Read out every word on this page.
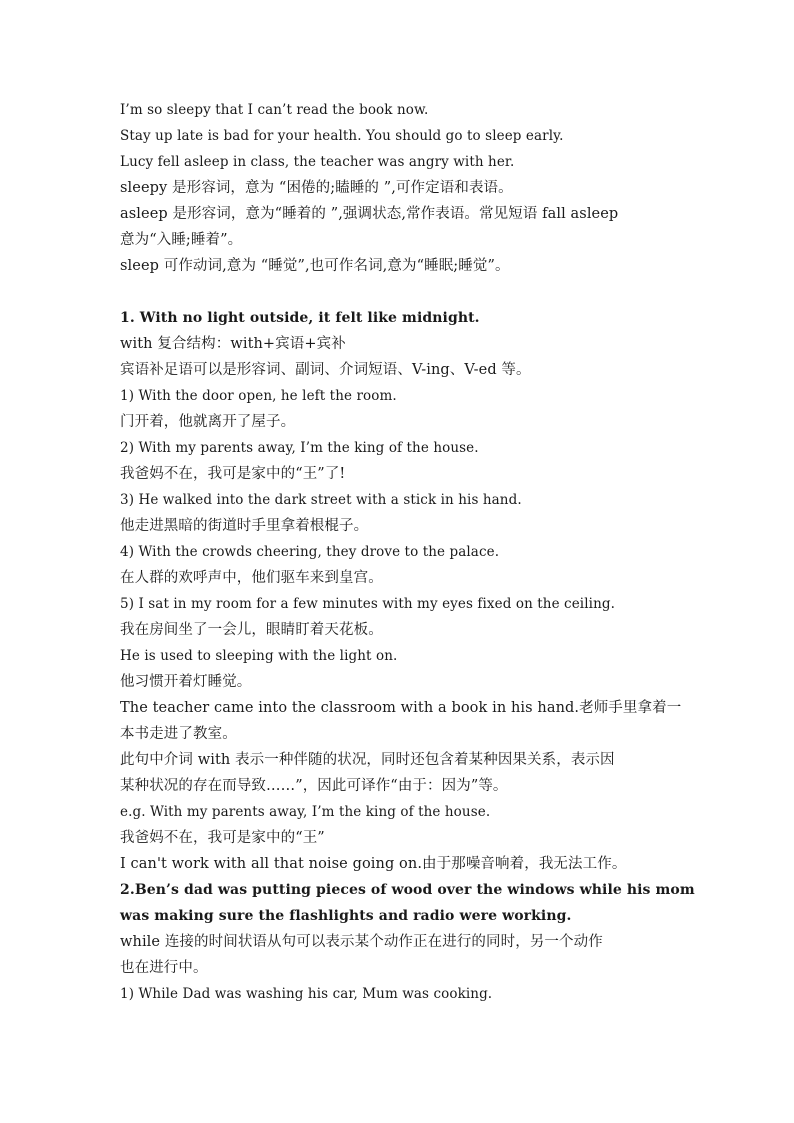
I’m so sleepy that I can’t read the book now.
Stay up late is bad for your health. You should go to sleep early.
Lucy fell asleep in class, the teacher was angry with her.
sleepy 是形容词，意为 “困倦的;瞌睡的 ”,可作定语和表语。
asleep 是形容词，意为“睡着的 ”,强调状态,常作表语。常见短语 fall asleep
意为“入睡;睡着”。
sleep 可作动词,意为 “睡觉”,也可作名词,意为“睡眠;睡觉”。
1. With no light outside, it felt like midnight.
with 复合结构：with+宾语+宾补
宾语补足语可以是形容词、副词、介词短语、V-ing、V-ed 等。
1) With the door open, he left the room.
门开着，他就离开了屋子。
2) With my parents away, I’m the king of the house.
我爸妈不在，我可是家中的“王”了!
3) He walked into the dark street with a stick in his hand.
他走进黑暗的街道时手里拿着根棍子。
4) With the crowds cheering, they drove to the palace.
在人群的欢呼声中，他们驱车来到皇宫。
5) I sat in my room for a few minutes with my eyes fixed on the ceiling.
我在房间坐了一会儿，眼睛盯着天花板。
He is used to sleeping with the light on.
他习惯开着灯睡觉。
The teacher came into the classroom with a book in his hand.老师手里拿着一
本书走进了教室。
此句中介词 with 表示一种伴随的状况，同时还包含着某种因果关系，表示因
某种状况的存在而导致……”，因此可译作“由于：因为”等。
e.g. With my parents away, I’m the king of the house.
我爸妈不在，我可是家中的“王”
I can't work with all that noise going on.由于那噪音响着，我无法工作。
2.Ben’s dad was putting pieces of wood over the windows while his mom
was making sure the flashlights and radio were working.
while 连接的时间状语从句可以表示某个动作正在进行的同时，另一个动作
也在进行中。
1) While Dad was washing his car, Mum was cooking.
